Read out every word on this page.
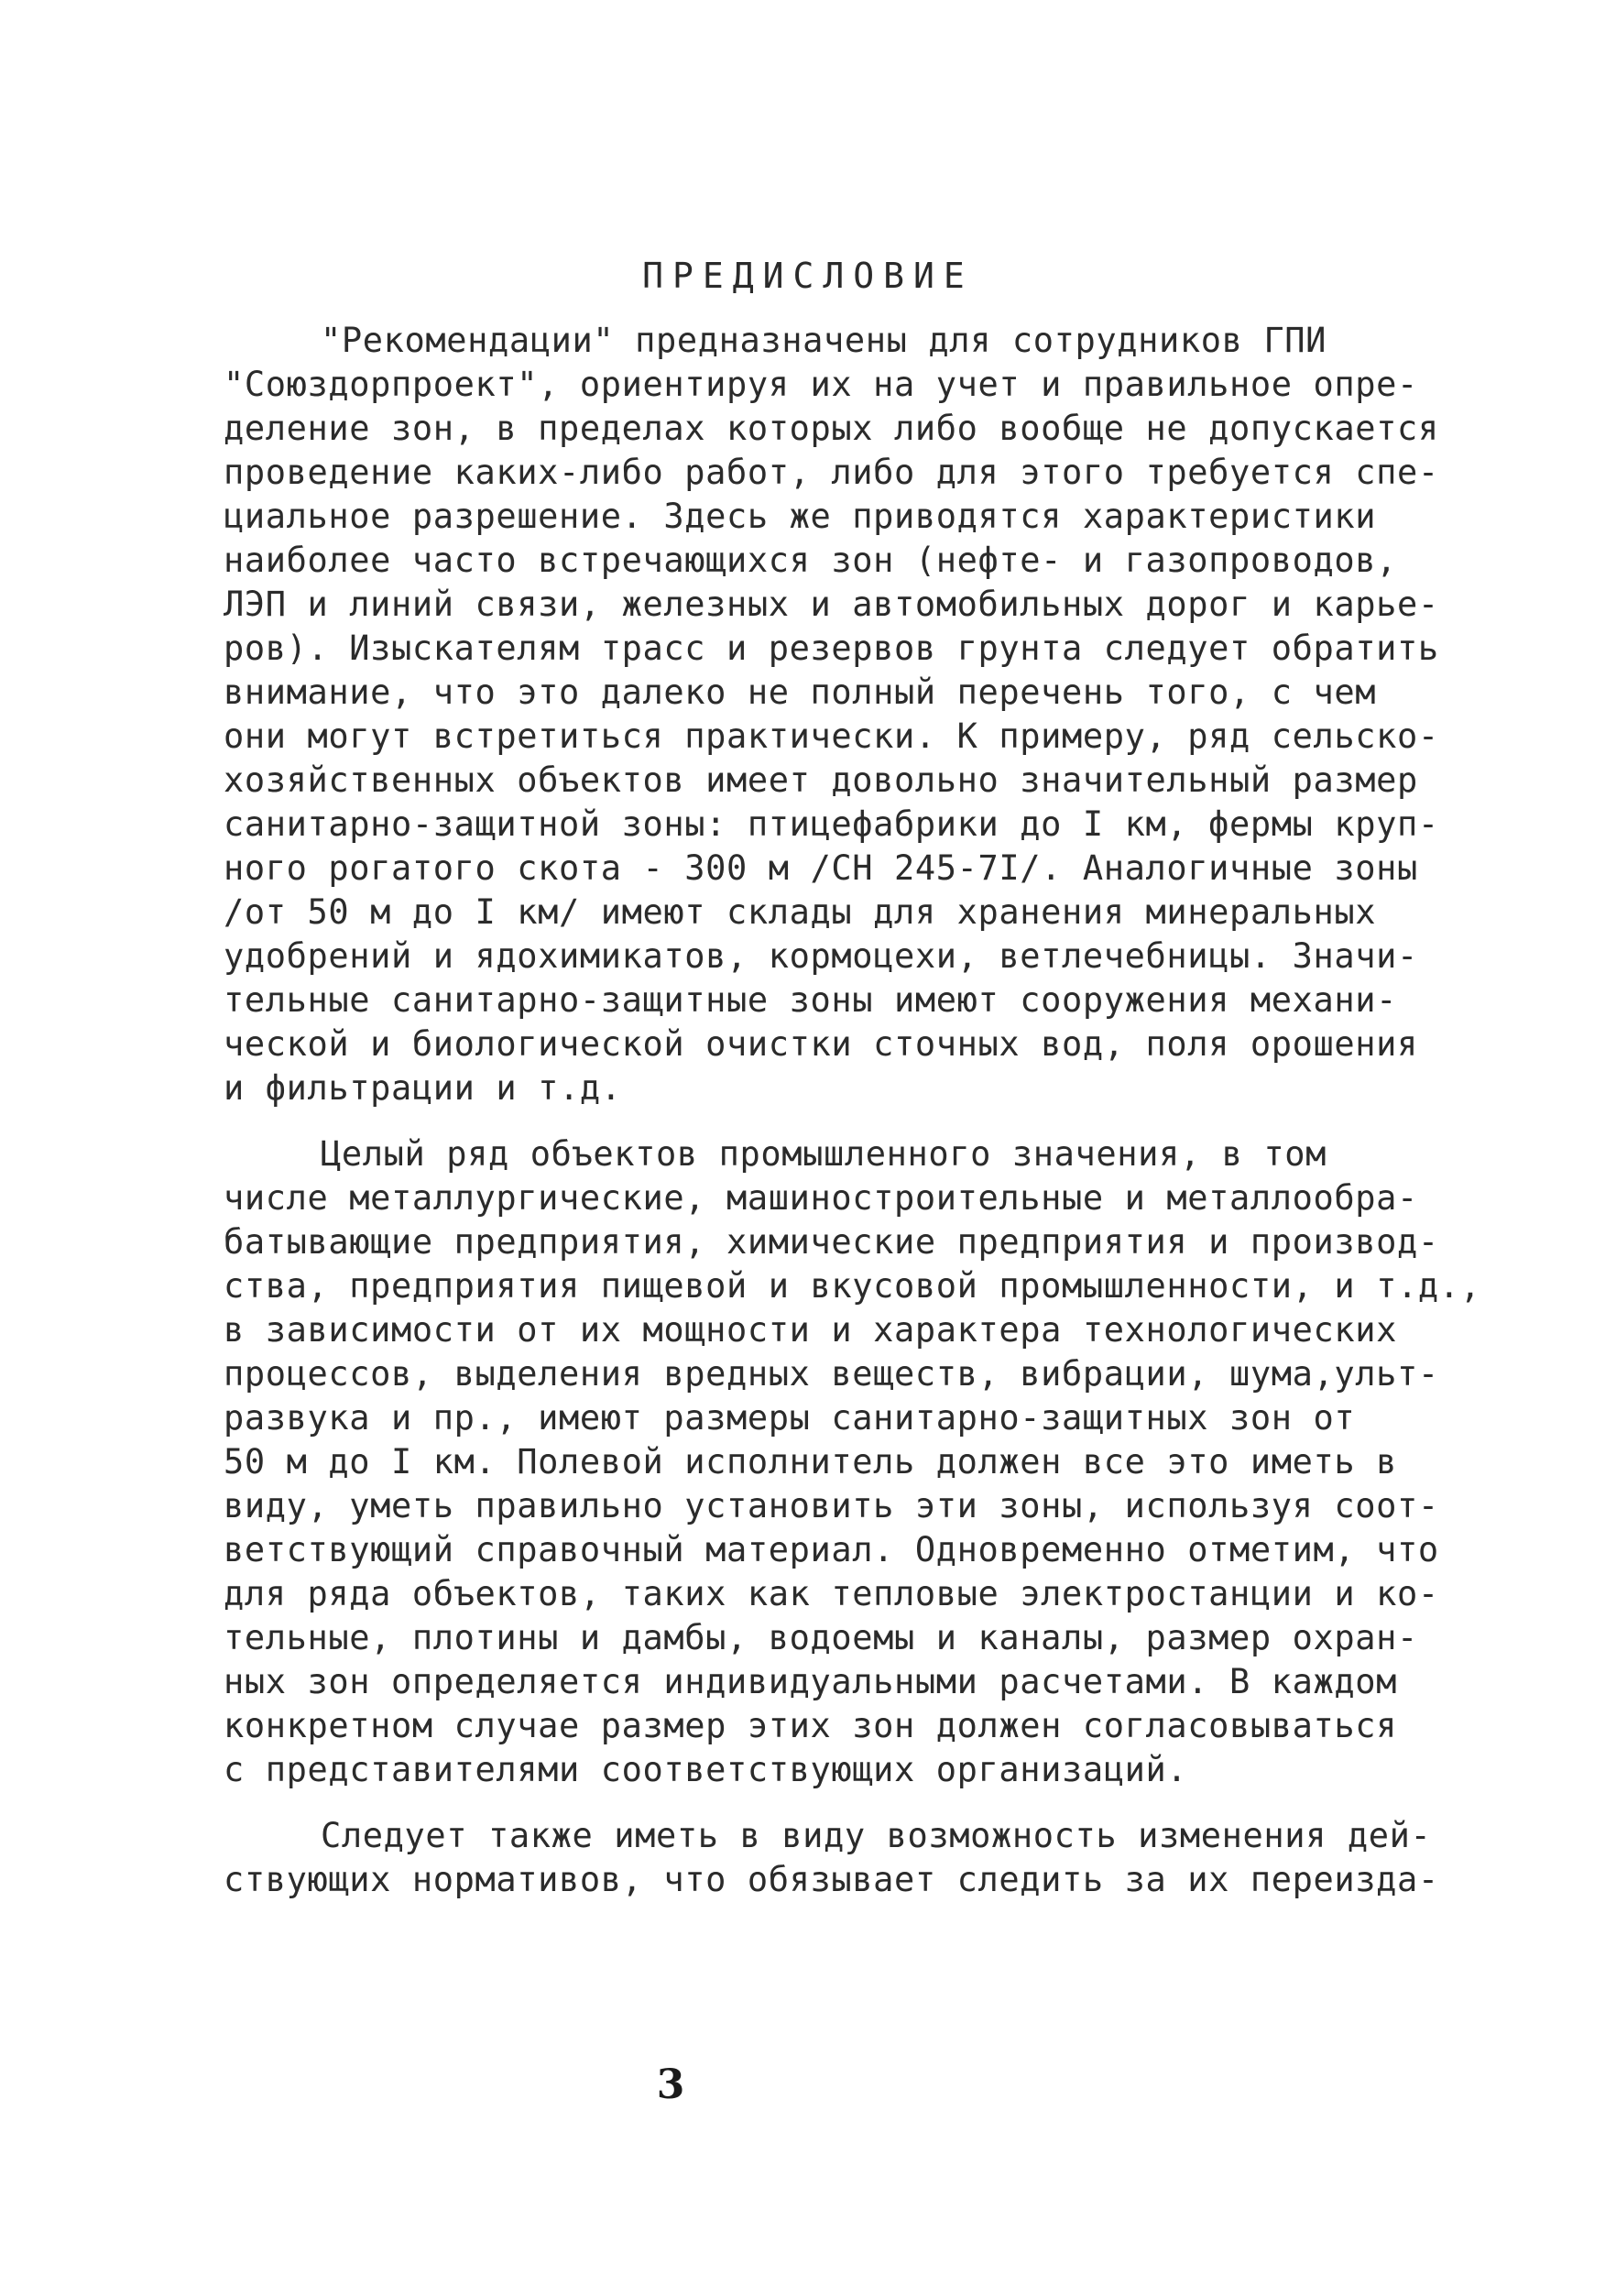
ПРЕДИСЛОВИЕ
"Рекомендации" предназначены для сотрудников ГПИ
"Союздорпроект", ориентируя их на учет и правильное опре-
деление зон, в пределах которых либо вообще не допускается
проведение каких-либо работ, либо для этого требуется спе-
циальное разрешение. Здесь же приводятся характеристики
наиболее часто встречающихся зон (нефте- и газопроводов,
ЛЭП и линий связи, железных и автомобильных дорог и карье-
ров). Изыскателям трасс и резервов грунта следует обратить
внимание, что это далеко не полный перечень того, с чем
они могут встретиться практически. К примеру, ряд сельско-
хозяйственных объектов имеет довольно значительный размер
санитарно-защитной зоны: птицефабрики до I км, фермы круп-
ного рогатого скота - 300 м /СН 245-7I/. Аналогичные зоны
/от 50 м до I км/ имеют склады для хранения минеральных
удобрений и ядохимикатов, кормоцехи, ветлечебницы. Значи-
тельные санитарно-защитные зоны имеют сооружения механи-
ческой и биологической очистки сточных вод, поля орошения
и фильтрации и т.д.
Целый ряд объектов промышленного значения, в том
числе металлургические, машиностроительные и металлообра-
батывающие предприятия, химические предприятия и производ-
ства, предприятия пищевой и вкусовой промышленности, и т.д.,
в зависимости от их мощности и характера технологических
процессов, выделения вредных веществ, вибрации, шума,ульт-
развука и пр., имеют размеры санитарно-защитных зон от
50 м до I км. Полевой исполнитель должен все это иметь в
виду, уметь правильно установить эти зоны, используя соот-
ветствующий справочный материал. Одновременно отметим, что
для ряда объектов, таких как тепловые электростанции и ко-
тельные, плотины и дамбы, водоемы и каналы, размер охран-
ных зон определяется индивидуальными расчетами. В каждом
конкретном случае размер этих зон должен согласовываться
с представителями соответствующих организаций.
Следует также иметь в виду возможность изменения дей-
ствующих нормативов, что обязывает следить за их переизда-
3
